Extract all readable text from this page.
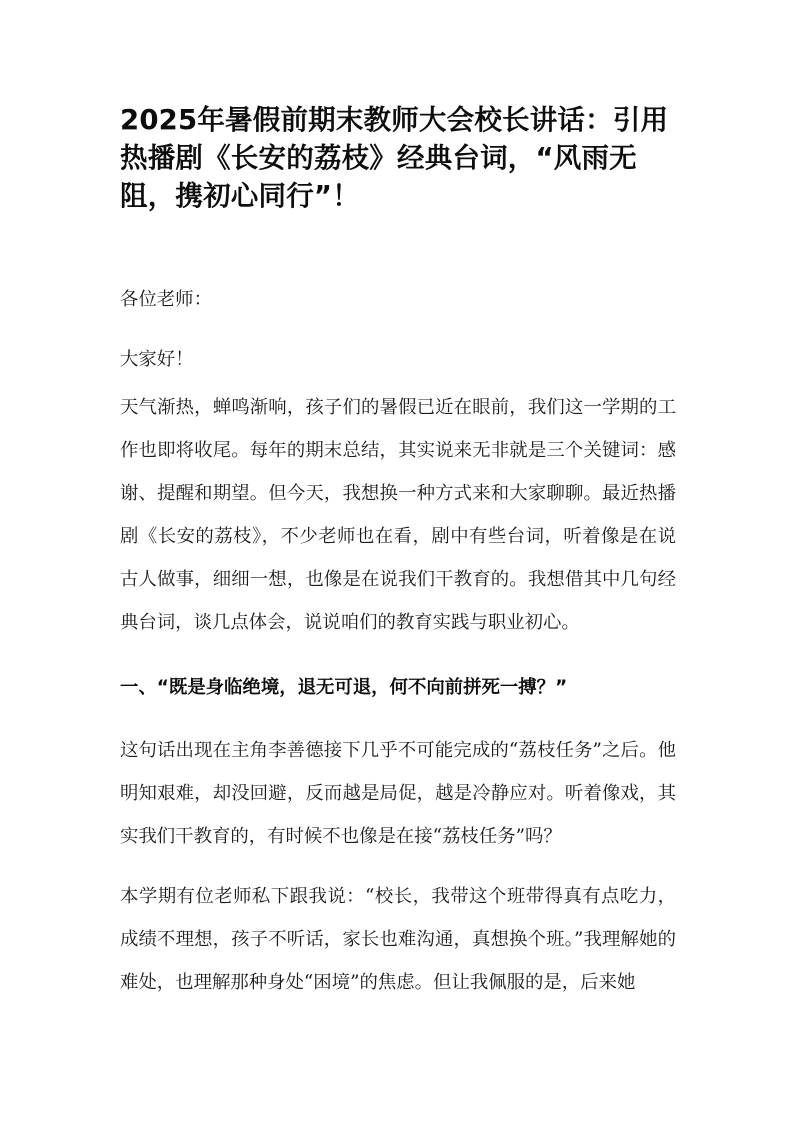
2025年暑假前期末教师大会校长讲话：引用热播剧《长安的荔枝》经典台词，“风雨无阻，携初心同行”！

各位老师：

大家好！

天气渐热，蝉鸣渐响，孩子们的暑假已近在眼前，我们这一学期的工作也即将收尾。每年的期末总结，其实说来无非就是三个关键词：感谢、提醒和期望。但今天，我想换一种方式来和大家聊聊。最近热播剧《长安的荔枝》，不少老师也在看，剧中有些台词，听着像是在说古人做事，细细一想，也像是在说我们干教育的。我想借其中几句经典台词，谈几点体会，说说咱们的教育实践与职业初心。

一、“既是身临绝境，退无可退，何不向前拼死一搏？”

这句话出现在主角李善德接下几乎不可能完成的“荔枝任务”之后。他明知艰难，却没回避，反而越是局促，越是冷静应对。听着像戏，其实我们干教育的，有时候不也像是在接“荔枝任务”吗？

本学期有位老师私下跟我说：“校长，我带这个班带得真有点吃力，成绩不理想，孩子不听话，家长也难沟通，真想换个班。”我理解她的难处，也理解那种身处“困境”的焦虑。但让我佩服的是，后来她
